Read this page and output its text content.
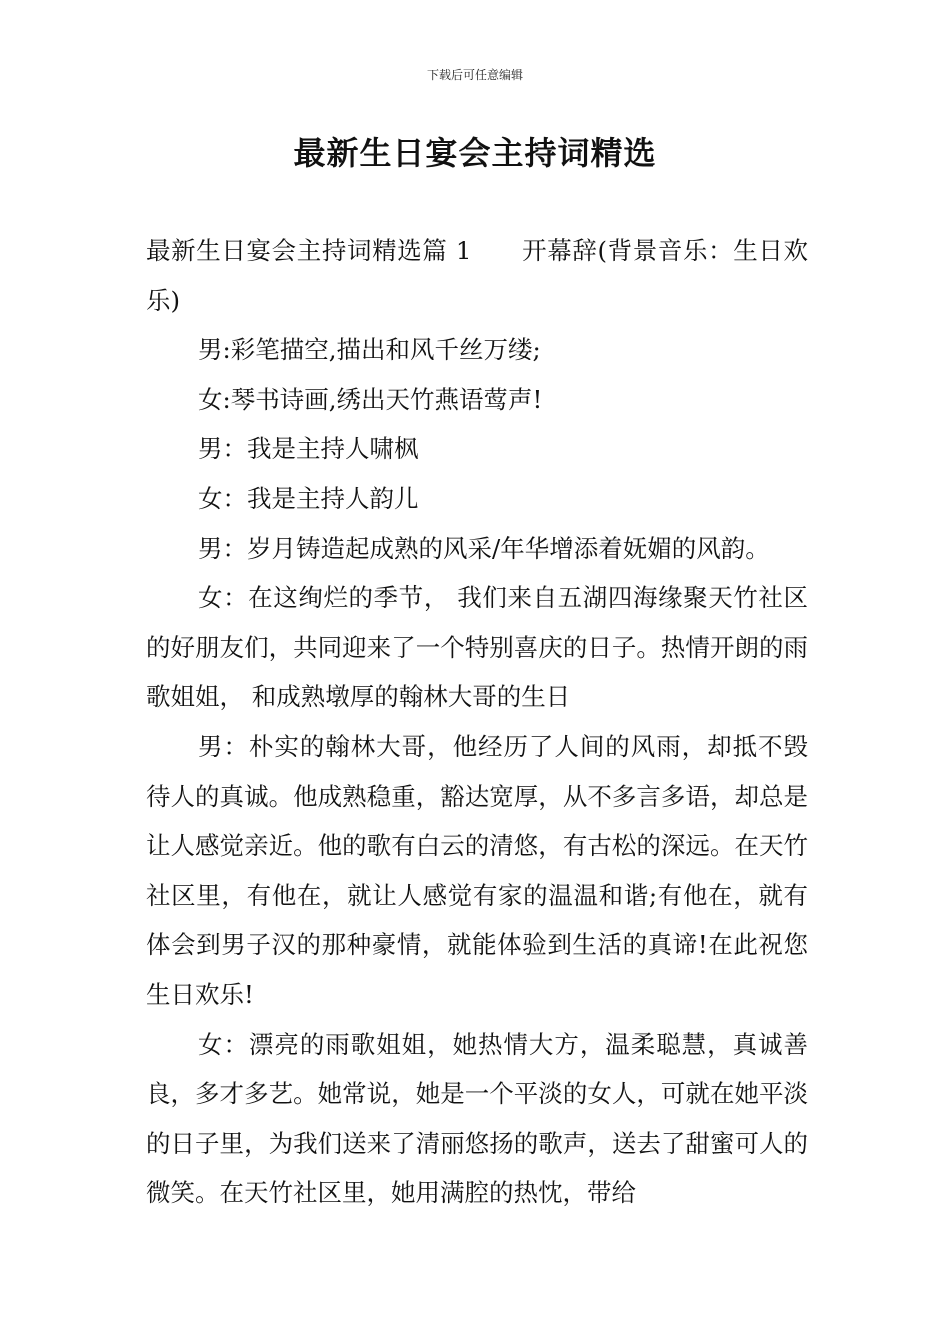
下载后可任意编辑
最新生日宴会主持词精选

最新生日宴会主持词精选篇 1 开幕辞(背景音乐：生日欢乐)

男:彩笔描空,描出和风千丝万缕;

女:琴书诗画,绣出天竹燕语莺声!

男：我是主持人啸枫

女：我是主持人韵儿

男：岁月铸造起成熟的风采/年华增添着妩媚的风韵。

女：在这绚烂的季节， 我们来自五湖四海缘聚天竹社区的好朋友们，共同迎来了一个特别喜庆的日子。热情开朗的雨歌姐姐， 和成熟墩厚的翰林大哥的生日

男：朴实的翰林大哥，他经历了人间的风雨，却抵不毁待人的真诚。他成熟稳重，豁达宽厚，从不多言多语，却总是让人感觉亲近。他的歌有白云的清悠，有古松的深远。在天竹社区里，有他在，就让人感觉有家的温温和谐;有他在，就有体会到男子汉的那种豪情，就能体验到生活的真谛!在此祝您生日欢乐!

女：漂亮的雨歌姐姐，她热情大方，温柔聪慧，真诚善良，多才多艺。她常说，她是一个平淡的女人，可就在她平淡的日子里，为我们送来了清丽悠扬的歌声，送去了甜蜜可人的微笑。在天竹社区里，她用满腔的热忱，带给
